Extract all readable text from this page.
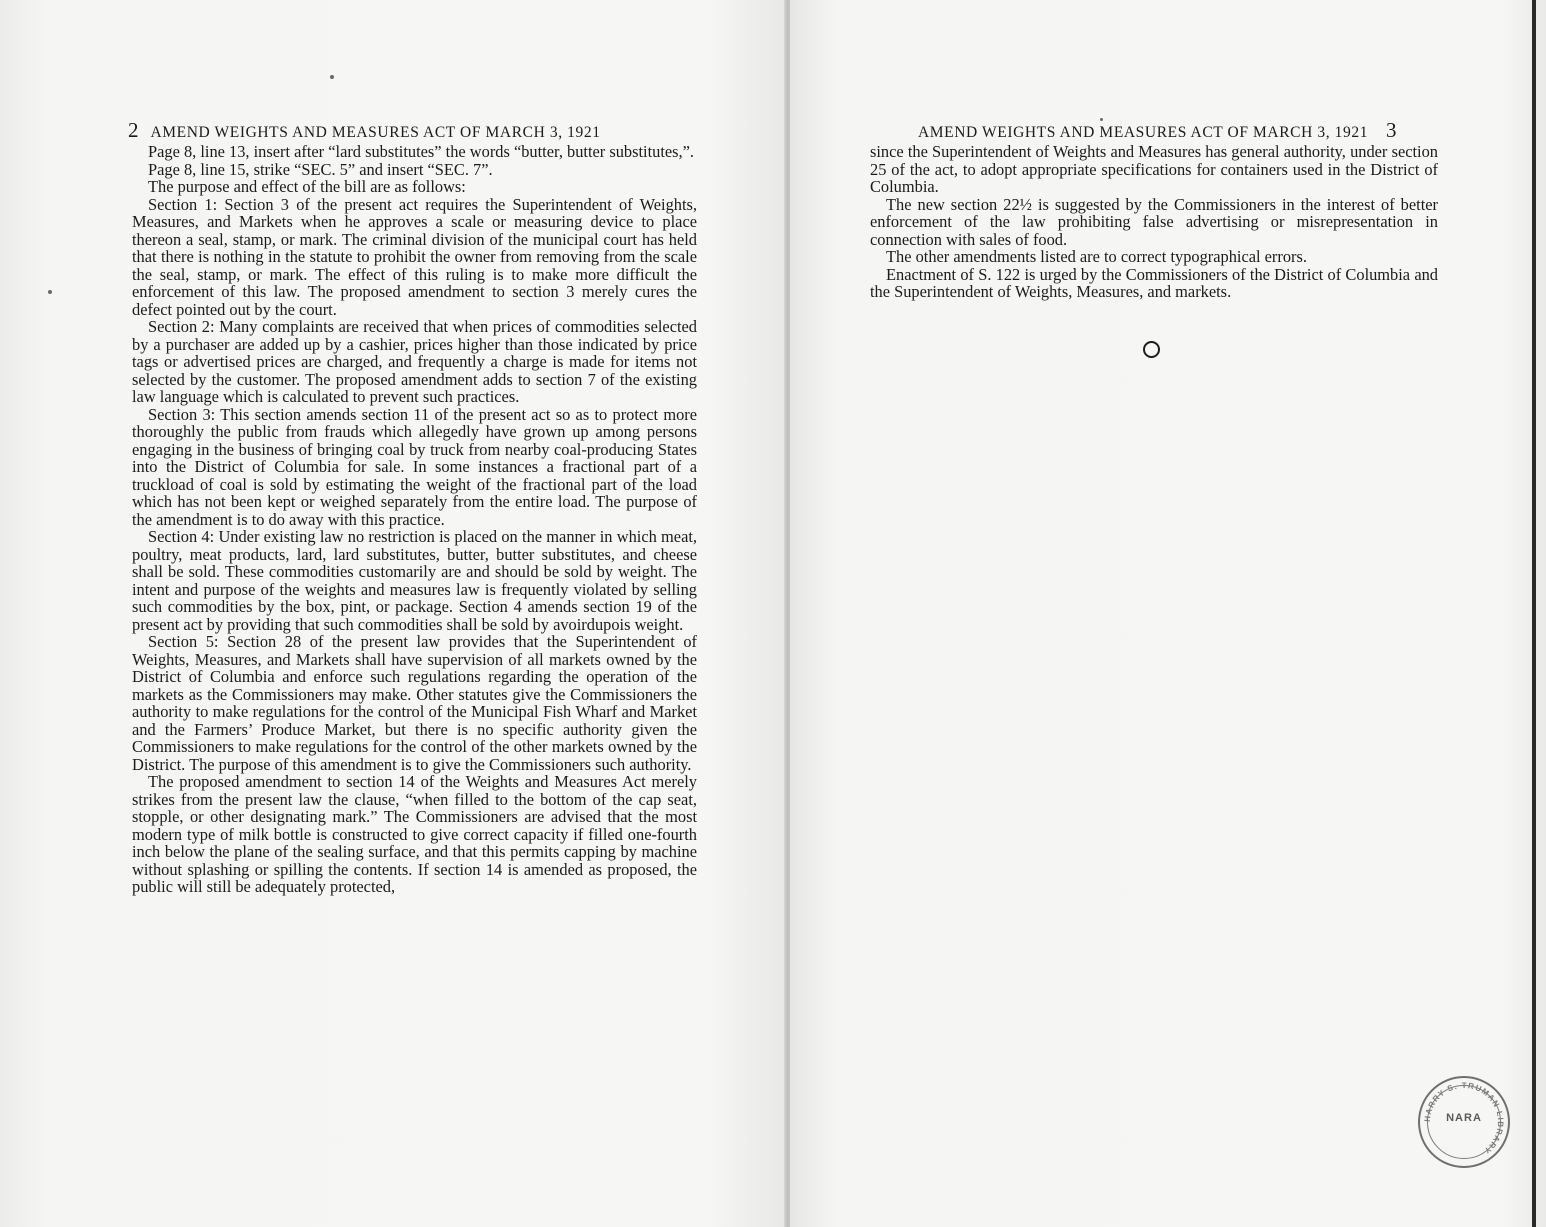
2 AMEND WEIGHTS AND MEASURES ACT OF MARCH 3, 1921

Page 8, line 13, insert after “lard substitutes” the words “butter, butter substitutes,”.

Page 8, line 15, strike “SEC. 5” and insert “SEC. 7”.

The purpose and effect of the bill are as follows:

Section 1: Section 3 of the present act requires the Superintendent of Weights, Measures, and Markets when he approves a scale or measuring device to place thereon a seal, stamp, or mark. The criminal division of the municipal court has held that there is nothing in the statute to prohibit the owner from removing from the scale the seal, stamp, or mark. The effect of this ruling is to make more difficult the enforcement of this law. The proposed amendment to section 3 merely cures the defect pointed out by the court.

Section 2: Many complaints are received that when prices of commodities selected by a purchaser are added up by a cashier, prices higher than those indicated by price tags or advertised prices are charged, and frequently a charge is made for items not selected by the customer. The proposed amendment adds to section 7 of the existing law language which is calculated to prevent such practices.

Section 3: This section amends section 11 of the present act so as to protect more thoroughly the public from frauds which allegedly have grown up among persons engaging in the business of bringing coal by truck from nearby coal-producing States into the District of Columbia for sale. In some instances a fractional part of a truckload of coal is sold by estimating the weight of the fractional part of the load which has not been kept or weighed separately from the entire load. The purpose of the amendment is to do away with this practice.

Section 4: Under existing law no restriction is placed on the manner in which meat, poultry, meat products, lard, lard substitutes, butter, butter substitutes, and cheese shall be sold. These commodities customarily are and should be sold by weight. The intent and purpose of the weights and measures law is frequently violated by selling such commodities by the box, pint, or package. Section 4 amends section 19 of the present act by providing that such commodities shall be sold by avoirdupois weight.

Section 5: Section 28 of the present law provides that the Superintendent of Weights, Measures, and Markets shall have supervision of all markets owned by the District of Columbia and enforce such regulations regarding the operation of the markets as the Commissioners may make. Other statutes give the Commissioners the authority to make regulations for the control of the Municipal Fish Wharf and Market and the Farmers’ Produce Market, but there is no specific authority given the Commissioners to make regulations for the control of the other markets owned by the District. The purpose of this amendment is to give the Commissioners such authority.

The proposed amendment to section 14 of the Weights and Measures Act merely strikes from the present law the clause, “when filled to the bottom of the cap seat, stopple, or other designating mark.” The Commissioners are advised that the most modern type of milk bottle is constructed to give correct capacity if filled one-fourth inch below the plane of the sealing surface, and that this permits capping by machine without splashing or spilling the contents. If section 14 is amended as proposed, the public will still be adequately protected,

AMEND WEIGHTS AND MEASURES ACT OF MARCH 3, 1921 3

since the Superintendent of Weights and Measures has general authority, under section 25 of the act, to adopt appropriate specifications for containers used in the District of Columbia.

The new section 22½ is suggested by the Commissioners in the interest of better enforcement of the law prohibiting false advertising or misrepresentation in connection with sales of food.

The other amendments listed are to correct typographical errors.

Enactment of S. 122 is urged by the Commissioners of the District of Columbia and the Superintendent of Weights, Measures, and markets.

HARRY S. TRUMAN LIBRARY
NARA
